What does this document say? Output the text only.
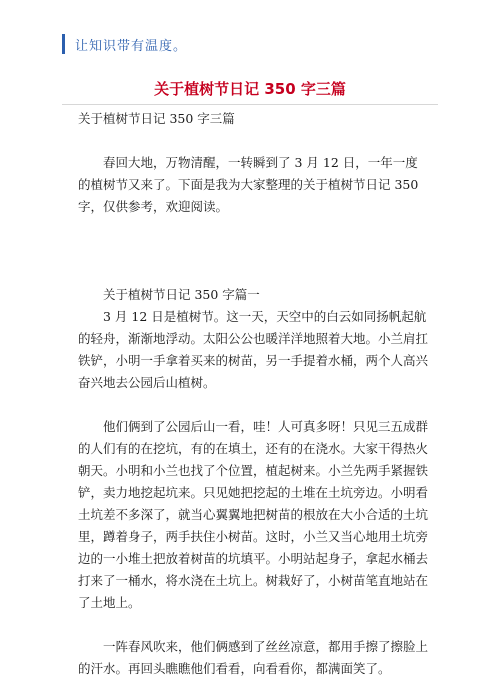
让知识带有温度。
关于植树节日记 350 字三篇

关于植树节日记 350 字三篇

春回大地，万物清醒，一转瞬到了 3 月 12 日，一年一度的植树节又来了。下面是我为大家整理的关于植树节日记 350 字，仅供参考，欢迎阅读。

关于植树节日记 350 字篇一

3 月 12 日是植树节。这一天，天空中的白云如同扬帆起航的轻舟，渐渐地浮动。太阳公公也暖洋洋地照着大地。小兰肩扛铁铲，小明一手拿着买来的树苗，另一手提着水桶，两个人高兴奋兴地去公园后山植树。

他们俩到了公园后山一看，哇！人可真多呀！只见三五成群的人们有的在挖坑，有的在填土，还有的在浇水。大家干得热火朝天。小明和小兰也找了个位置，植起树来。小兰先两手紧握铁铲，卖力地挖起坑来。只见她把挖起的土堆在土坑旁边。小明看土坑差不多深了，就当心翼翼地把树苗的根放在大小合适的土坑里，蹲着身子，两手扶住小树苗。这时，小兰又当心地用土坑旁边的一小堆土把放着树苗的坑填平。小明站起身子，拿起水桶去打来了一桶水，将水浇在土坑上。树栽好了，小树苗笔直地站在了土地上。

一阵春风吹来，他们俩感到了丝丝凉意，都用手擦了擦脸上的汗水。再回头瞧瞧他们看看，向看看你，都满面笑了。
